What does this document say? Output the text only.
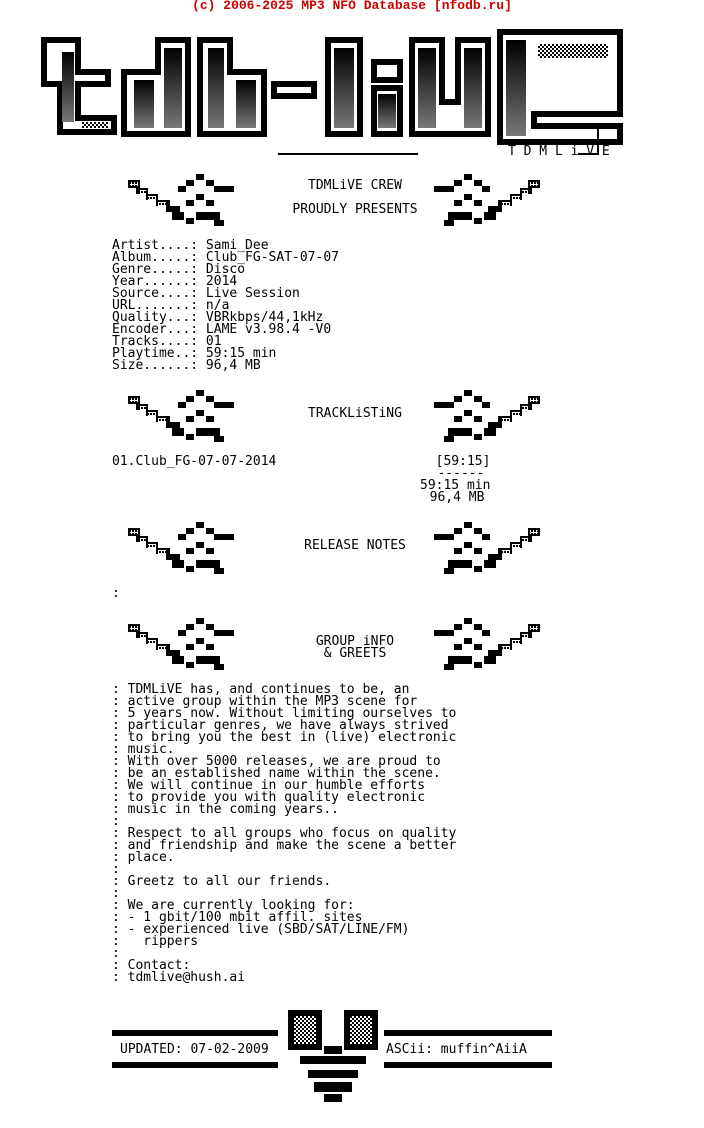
(c) 2006-2025 MP3 NFO Database [nfodb.ru]
T D M L i V E
TDMLiVE CREW
PROUDLY PRESENTS
Artist....: Sami_Dee
Album.....: Club_FG-SAT-07-07
Genre.....: Disco
Year......: 2014
Source....: Live Session
URL.......: n/a
Quality...: VBRkbps/44,1kHz
Encoder...: LAME v3.98.4 -V0
Tracks....: 01
Playtime..: 59:15 min
Size......: 96,4 MB
TRACKLiSTiNG
01.Club_FG-07-07-2014	[59:15]
------
59:15 min
96,4 MB
RELEASE NOTES
:
GROUP iNFO
& GREETS
: TDMLiVE has, and continues to be, an
: active group within the MP3 scene for
: 5 years now. Without limiting ourselves to
: particular genres, we have always strived
: to bring you the best in (live) electronic
: music.
: With over 5000 releases, we are proud to
: be an established name within the scene.
: We will continue in our humble efforts
: to provide you with quality electronic
: music in the coming years..
:
: Respect to all groups who focus on quality
: and friendship and make the scene a better
: place.
:
: Greetz to all our friends.
:
: We are currently looking for:
: - 1 gbit/100 mbit affil. sites
: - experienced live (SBD/SAT/LINE/FM)
:   rippers
:
: Contact:
: tdmlive@hush.ai
UPDATED: 07-02-2009	ASCii: muffin^AiiA
